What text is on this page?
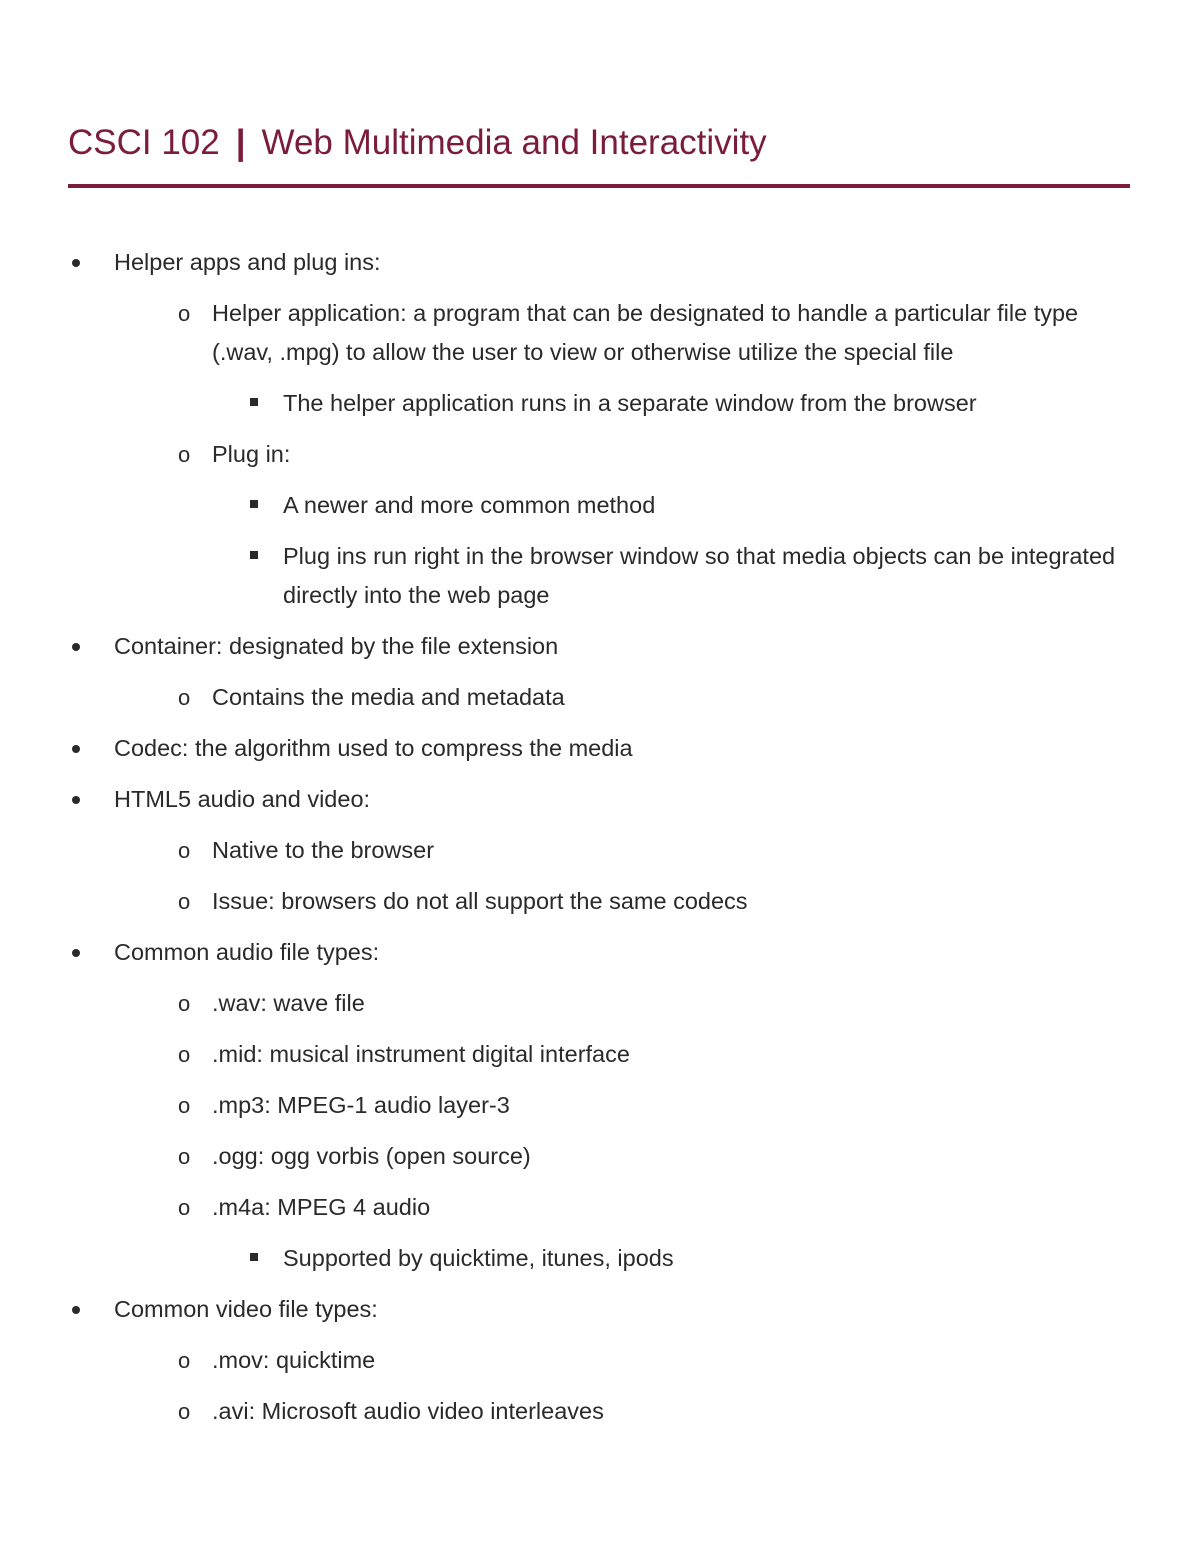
CSCI 102 | Web Multimedia and Interactivity
Helper apps and plug ins:
o Helper application: a program that can be designated to handle a particular file type (.wav, .mpg) to allow the user to view or otherwise utilize the special file
The helper application runs in a separate window from the browser
o Plug in:
A newer and more common method
Plug ins run right in the browser window so that media objects can be integrated directly into the web page
Container: designated by the file extension
o Contains the media and metadata
Codec: the algorithm used to compress the media
HTML5 audio and video:
o Native to the browser
o Issue: browsers do not all support the same codecs
Common audio file types:
o .wav: wave file
o .mid: musical instrument digital interface
o .mp3: MPEG-1 audio layer-3
o .ogg: ogg vorbis (open source)
o .m4a: MPEG 4 audio
Supported by quicktime, itunes, ipods
Common video file types:
o .mov: quicktime
o .avi: Microsoft audio video interleaves
